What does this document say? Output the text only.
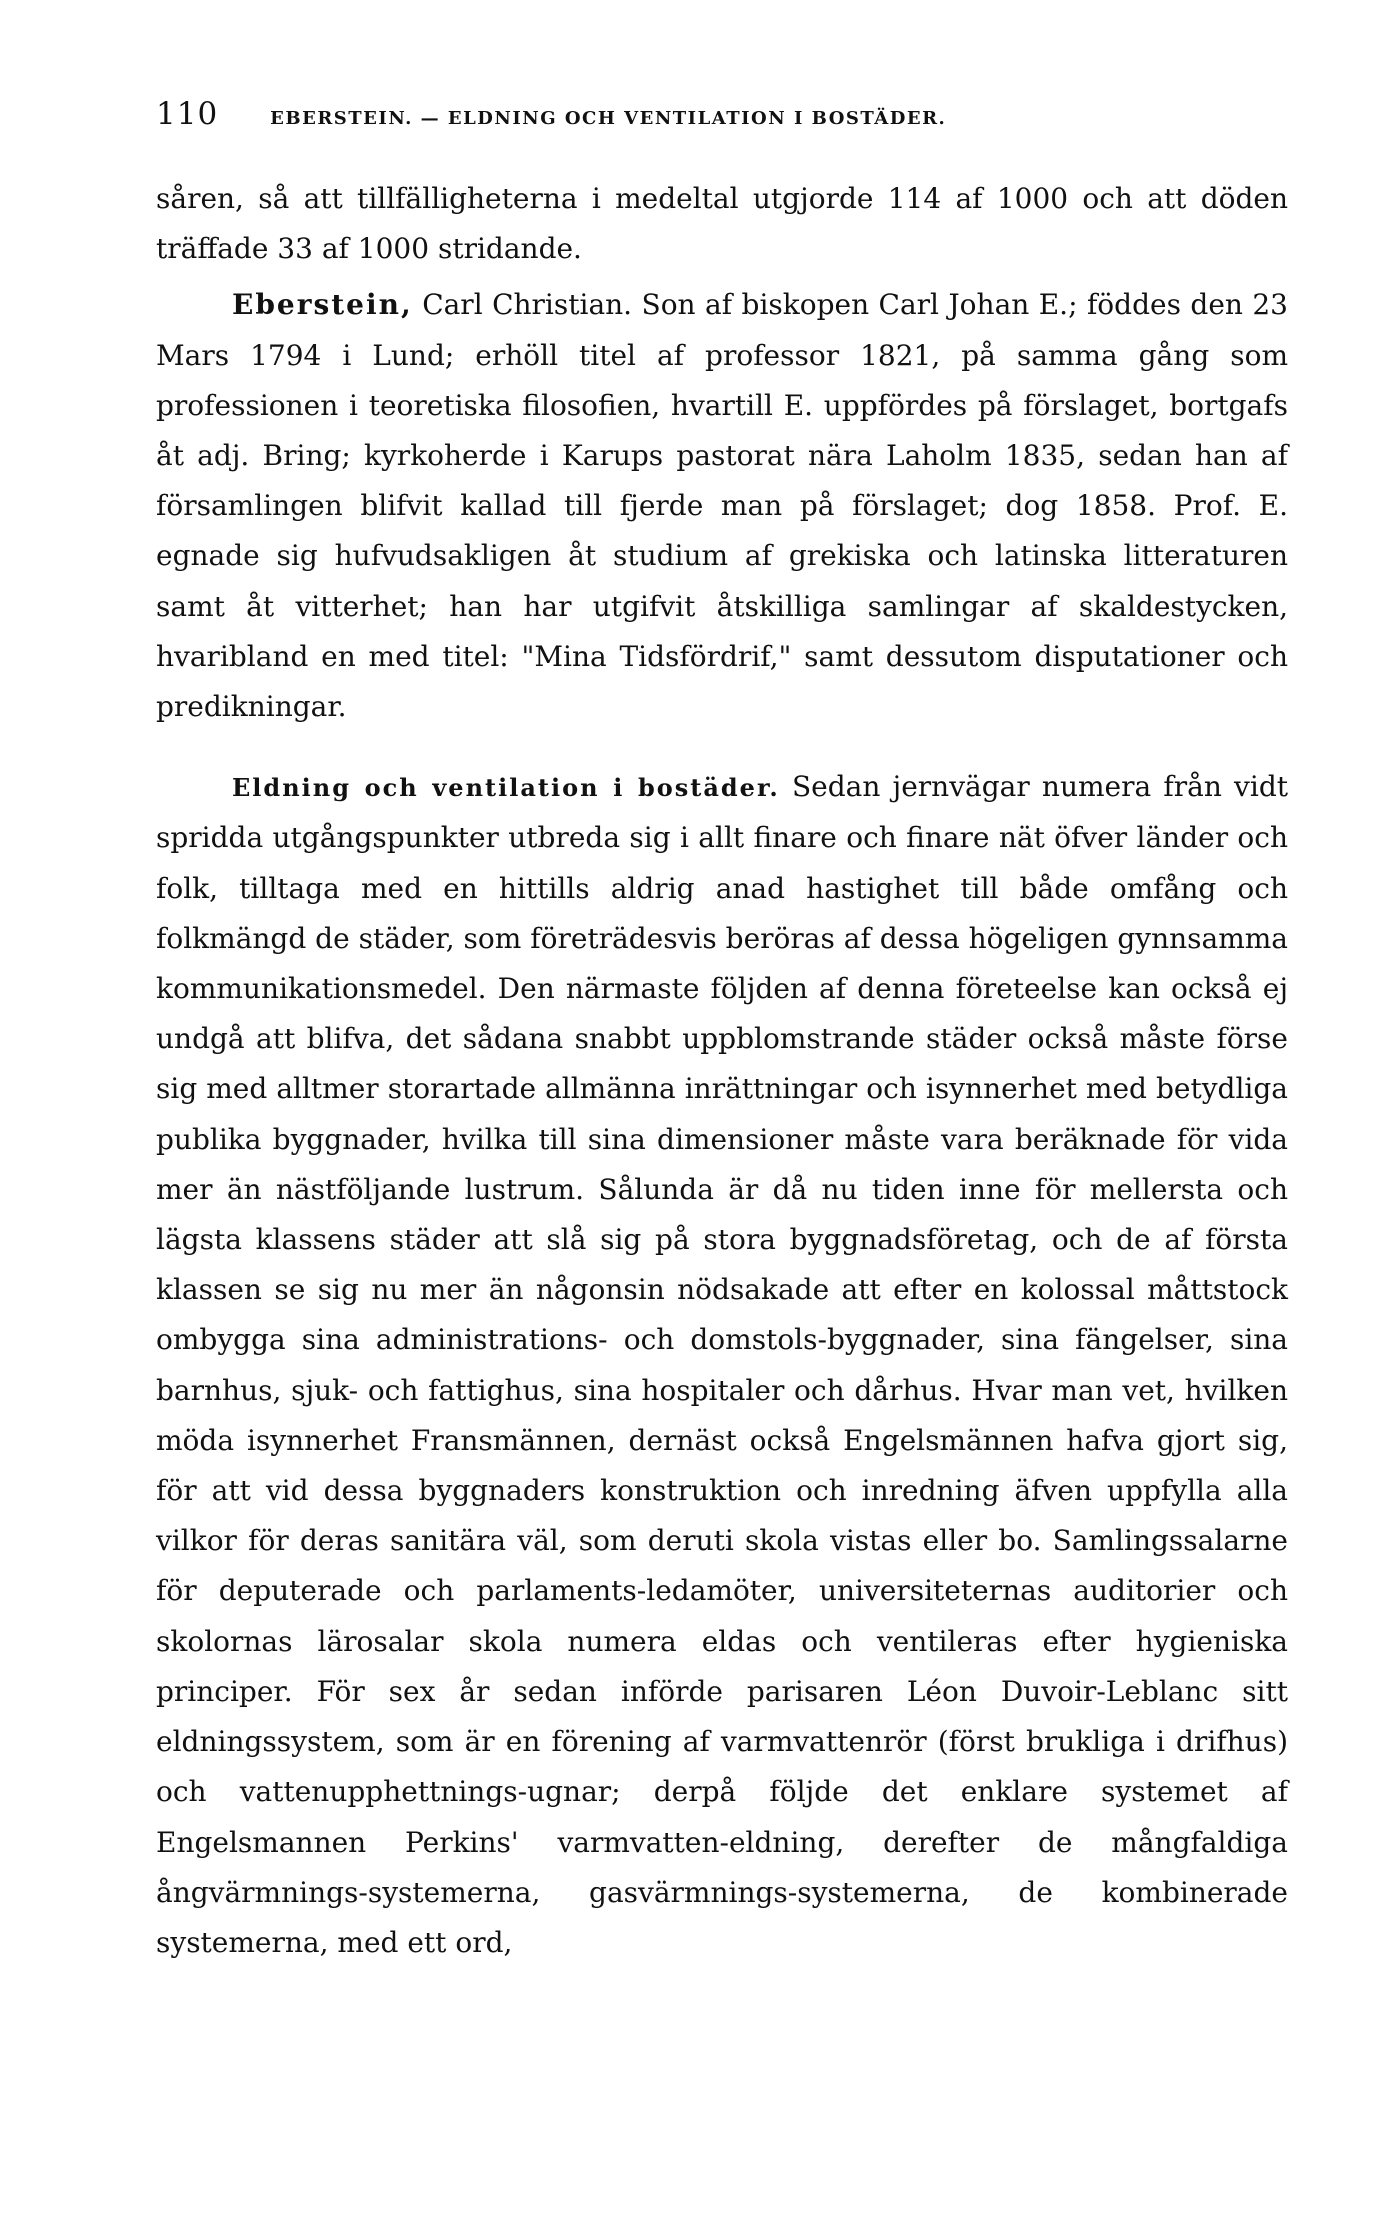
110	EBERSTEIN. — ELDNING OCH VENTILATION I BOSTÄDER.

såren, så att tillfälligheterna i medeltal utgjorde 114 af 1000 och att döden träffade 33 af 1000 stridande.

Eberstein, Carl Christian. Son af biskopen Carl Johan E.; föddes den 23 Mars 1794 i Lund; erhöll titel af professor 1821, på samma gång som professionen i teoretiska filosofien, hvartill E. uppfördes på förslaget, bortgafs åt adj. Bring; kyrkoherde i Karups pastorat nära Laholm 1835, sedan han af församlingen blifvit kallad till fjerde man på förslaget; dog 1858. Prof. E. egnade sig hufvudsakligen åt studium af grekiska och latinska litteraturen samt åt vitterhet; han har utgifvit åtskilliga samlingar af skaldestycken, hvaribland en med titel: "Mina Tidsfördrif," samt dessutom disputationer och predikningar.

Eldning och ventilation i bostäder. Sedan jernvägar numera från vidt spridda utgångspunkter utbreda sig i allt finare och finare nät öfver länder och folk, tilltaga med en hittills aldrig anad hastighet till både omfång och folkmängd de städer, som företrädesvis beröras af dessa högeligen gynnsamma kommunikationsmedel. Den närmaste följden af denna företeelse kan också ej undgå att blifva, det sådana snabbt uppblomstrande städer också måste förse sig med alltmer storartade allmänna inrättningar och isynnerhet med betydliga publika byggnader, hvilka till sina dimensioner måste vara beräknade för vida mer än nästföljande lustrum. Sålunda är då nu tiden inne för mellersta och lägsta klassens städer att slå sig på stora byggnadsföretag, och de af första klassen se sig nu mer än någonsin nödsakade att efter en kolossal måttstock ombygga sina administrations- och domstols-byggnader, sina fängelser, sina barnhus, sjuk- och fattighus, sina hospitaler och dårhus. Hvar man vet, hvilken möda isynnerhet Fransmännen, dernäst också Engelsmännen hafva gjort sig, för att vid dessa byggnaders konstruktion och inredning äfven uppfylla alla vilkor för deras sanitära väl, som deruti skola vistas eller bo. Samlingssalarne för deputerade och parlaments-ledamöter, universiteternas auditorier och skolornas lärosalar skola numera eldas och ventileras efter hygieniska principer. För sex år sedan införde parisaren Léon Duvoir-Leblanc sitt eldningssystem, som är en förening af varmvattenrör (först brukliga i drifhus) och vattenupphettnings-ugnar; derpå följde det enklare systemet af Engelsmannen Perkins' varmvatten-eldning, derefter de mångfaldiga ångvärmnings-systemerna, gasvärmnings-systemerna, de kombinerade systemerna, med ett ord,
